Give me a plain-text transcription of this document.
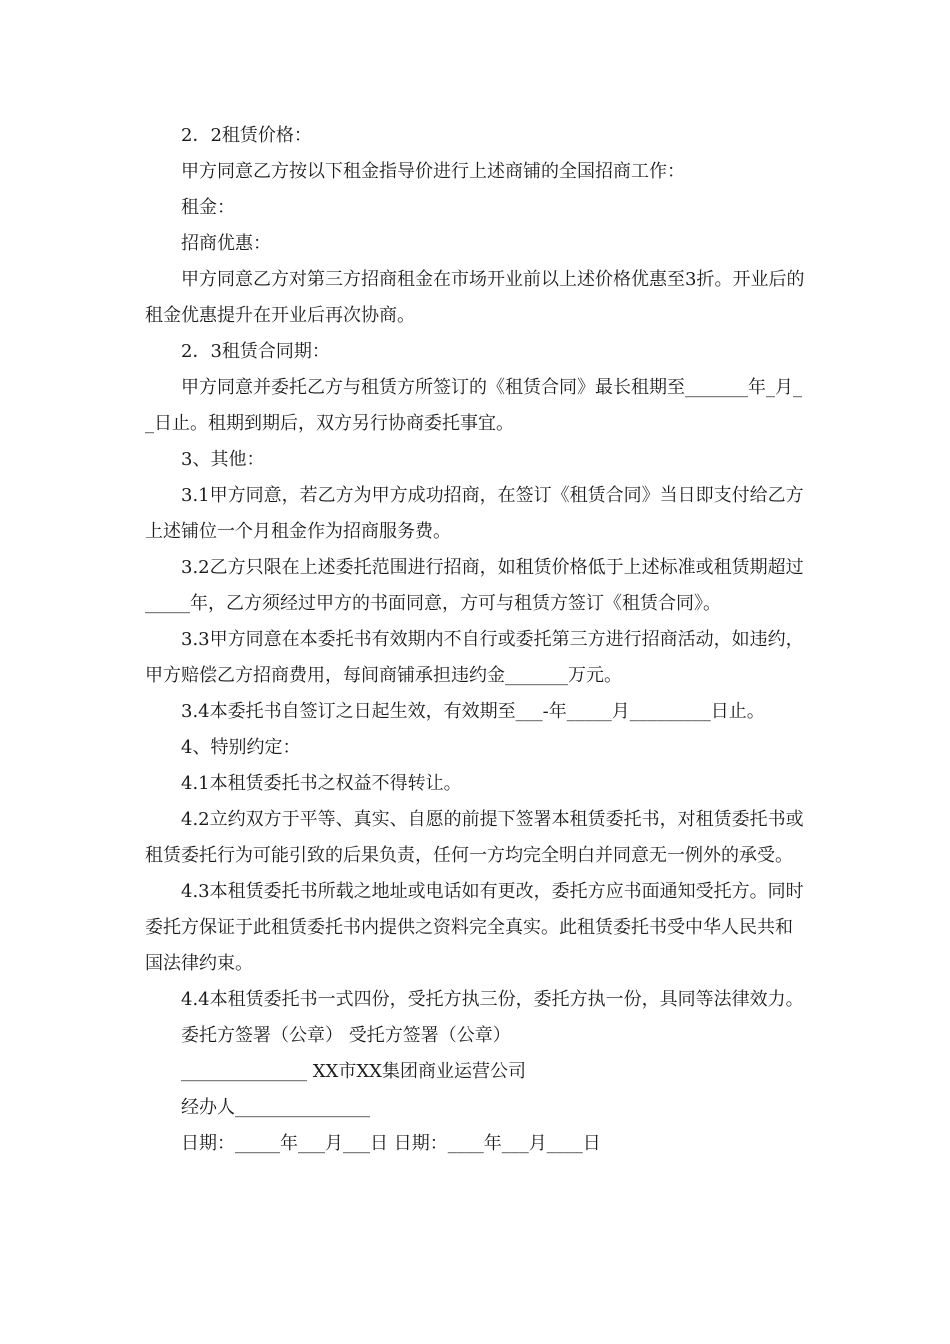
2．2租赁价格：

甲方同意乙方按以下租金指导价进行上述商铺的全国招商工作：

租金：

招商优惠：

甲方同意乙方对第三方招商租金在市场开业前以上述价格优惠至3折。开业后的租金优惠提升在开业后再次协商。

2．3租赁合同期：

甲方同意并委托乙方与租赁方所签订的《租赁合同》最长租期至_______年_月__日止。租期到期后，双方另行协商委托事宜。

3、其他：

3.1甲方同意，若乙方为甲方成功招商，在签订《租赁合同》当日即支付给乙方上述铺位一个月租金作为招商服务费。

3.2乙方只限在上述委托范围进行招商，如租赁价格低于上述标准或租赁期超过_____年，乙方须经过甲方的书面同意，方可与租赁方签订《租赁合同》。

3.3甲方同意在本委托书有效期内不自行或委托第三方进行招商活动，如违约，甲方赔偿乙方招商费用，每间商铺承担违约金_______万元。

3.4本委托书自签订之日起生效，有效期至___-年_____月_________日止。

4、特别约定：

4.1本租赁委托书之权益不得转让。

4.2立约双方于平等、真实、自愿的前提下签署本租赁委托书，对租赁委托书或租赁委托行为可能引致的后果负责，任何一方均完全明白并同意无一例外的承受。

4.3本租赁委托书所载之地址或电话如有更改，委托方应书面通知受托方。同时委托方保证于此租赁委托书内提供之资料完全真实。此租赁委托书受中华人民共和国法律约束。

4.4本租赁委托书一式四份，受托方执三份，委托方执一份，具同等法律效力。

委托方签署（公章） 受托方签署（公章）

______________ XX市XX集团商业运营公司

经办人_______________

日期：_____年___月___日 日期：____年___月____日
